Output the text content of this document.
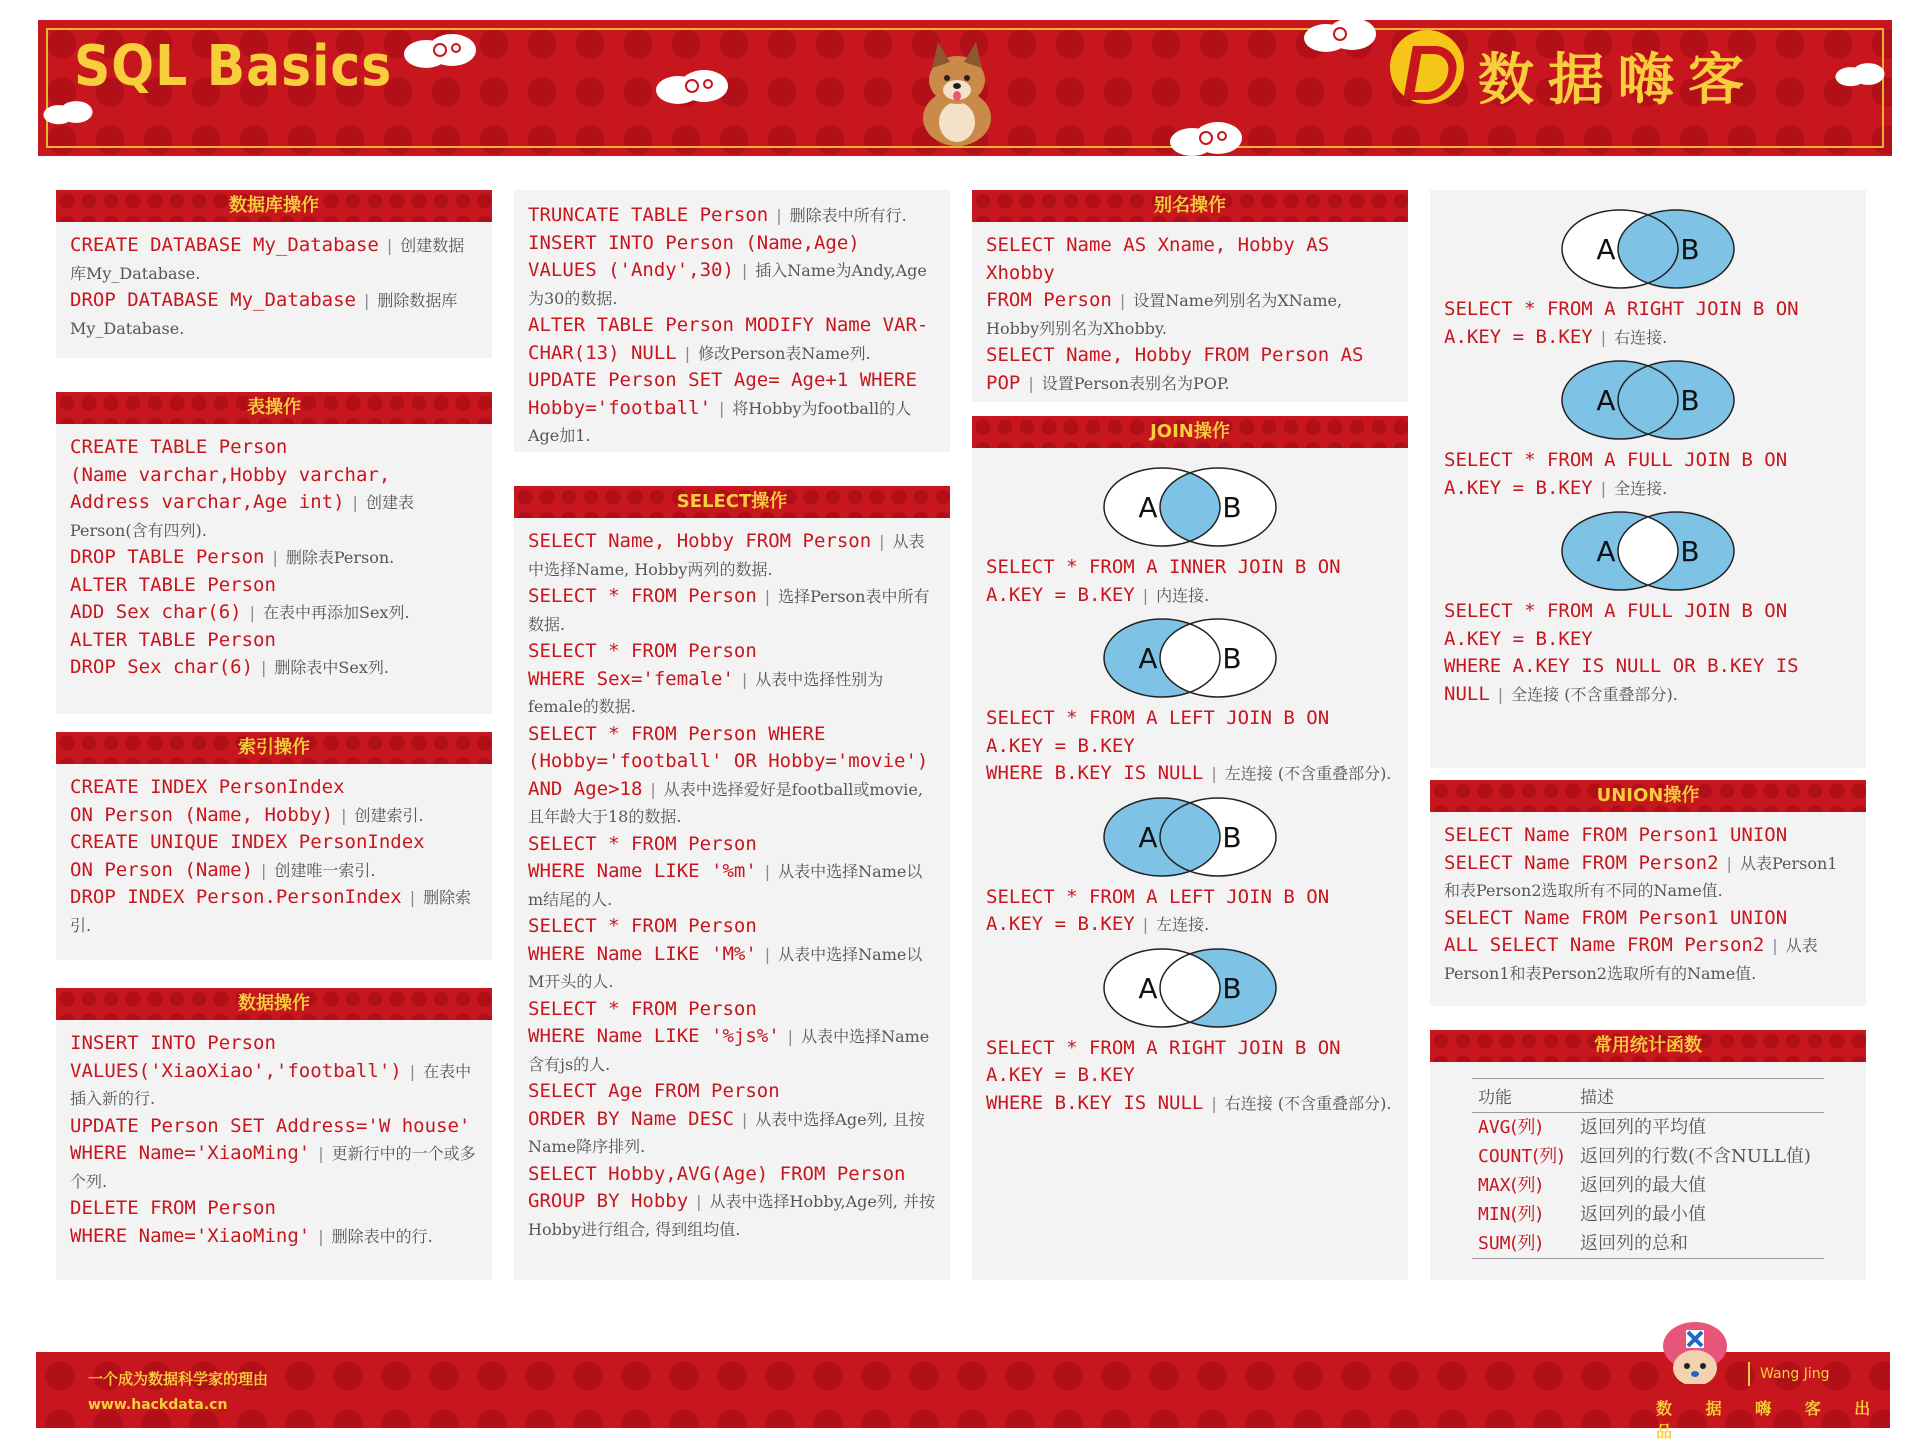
SQL Basics	数据嗨客
数据库操作
CREATE DATABASE My_Database | 创建数据库My_Database.
DROP DATABASE My_Database | 删除数据库My_Database.
表操作
CREATE TABLE Person
(Name varchar,Hobby varchar,
Address varchar,Age int) | 创建表 Person(含有四列).
DROP TABLE Person | 删除表Person.
ALTER TABLE Person
ADD Sex char(6) | 在表中再添加Sex列.
ALTER TABLE Person
DROP Sex char(6) | 删除表中Sex列.
索引操作
CREATE INDEX PersonIndex
ON Person (Name, Hobby) | 创建索引.
CREATE UNIQUE INDEX PersonIndex
ON Person (Name) | 创建唯一索引.
DROP INDEX Person.PersonIndex | 删除索引.
数据操作
INSERT INTO Person
VALUES('XiaoXiao','football') | 在表中插入新的行.
UPDATE Person SET Address='W house'
WHERE Name='XiaoMing' | 更新行中的一个或多个列.
DELETE FROM Person
WHERE Name='XiaoMing' | 删除表中的行.
TRUNCATE TABLE Person | 删除表中所有行.
INSERT INTO Person (Name,Age)
VALUES ('Andy',30) | 插入Name为Andy,Age为30的数据.
ALTER TABLE Person MODIFY Name VAR-
CHAR(13) NULL | 修改Person表Name列.
UPDATE Person SET Age= Age+1 WHERE
Hobby='football' | 将Hobby为football的人Age加1.
SELECT操作
SELECT Name, Hobby FROM Person | 从表中选择Name, Hobby两列的数据.
SELECT * FROM Person | 选择Person表中所有数据.
SELECT * FROM Person
WHERE Sex='female' | 从表中选择性别为female的数据.
SELECT * FROM Person WHERE
(Hobby='football' OR Hobby='movie')
AND Age>18 | 从表中选择爱好是football或movie, 且年龄大于18的数据.
SELECT * FROM Person
WHERE Name LIKE '%m' | 从表中选择Name以m结尾的人.
SELECT * FROM Person
WHERE Name LIKE 'M%' | 从表中选择Name以M开头的人.
SELECT * FROM Person
WHERE Name LIKE '%js%' | 从表中选择Name含有js的人.
SELECT Age FROM Person
ORDER BY Name DESC | 从表中选择Age列, 且按Name降序排列.
SELECT Hobby,AVG(Age) FROM Person
GROUP BY Hobby | 从表中选择Hobby,Age列, 并按Hobby进行组合, 得到组均值.
别名操作
SELECT Name AS Xname, Hobby AS Xhobby
FROM Person | 设置Name列别名为XName, Hobby列别名为Xhobby.
SELECT Name, Hobby FROM Person AS
POP | 设置Person表别名为POP.
JOIN操作
A B
SELECT * FROM A INNER JOIN B ON
A.KEY = B.KEY | 内连接.
A B
SELECT * FROM A LEFT JOIN B ON
A.KEY = B.KEY
WHERE B.KEY IS NULL | 左连接 (不含重叠部分).
A B
SELECT * FROM A LEFT JOIN B ON
A.KEY = B.KEY | 左连接.
A B
SELECT * FROM A RIGHT JOIN B ON
A.KEY = B.KEY
WHERE B.KEY IS NULL | 右连接 (不含重叠部分).
A B
SELECT * FROM A RIGHT JOIN B ON
A.KEY = B.KEY | 右连接.
A B
SELECT * FROM A FULL JOIN B ON
A.KEY = B.KEY | 全连接.
A B
SELECT * FROM A FULL JOIN B ON
A.KEY = B.KEY
WHERE A.KEY IS NULL OR B.KEY IS NULL | 全连接 (不含重叠部分).
UNION操作
SELECT Name FROM Person1 UNION
SELECT Name FROM Person2 | 从表Person1和表Person2选取所有不同的Name值.
SELECT Name FROM Person1 UNION
ALL SELECT Name FROM Person2 | 从表Person1和表Person2选取所有的Name值.
常用统计函数
功能	描述
AVG(列)	返回列的平均值
COUNT(列)	返回列的行数(不含NULL值)
MAX(列)	返回列的最大值
MIN(列)	返回列的最小值
SUM(列)	返回列的总和
一个成为数据科学家的理由
www.hackdata.cn
Wang Jing
数 据 嗨 客 出 品
